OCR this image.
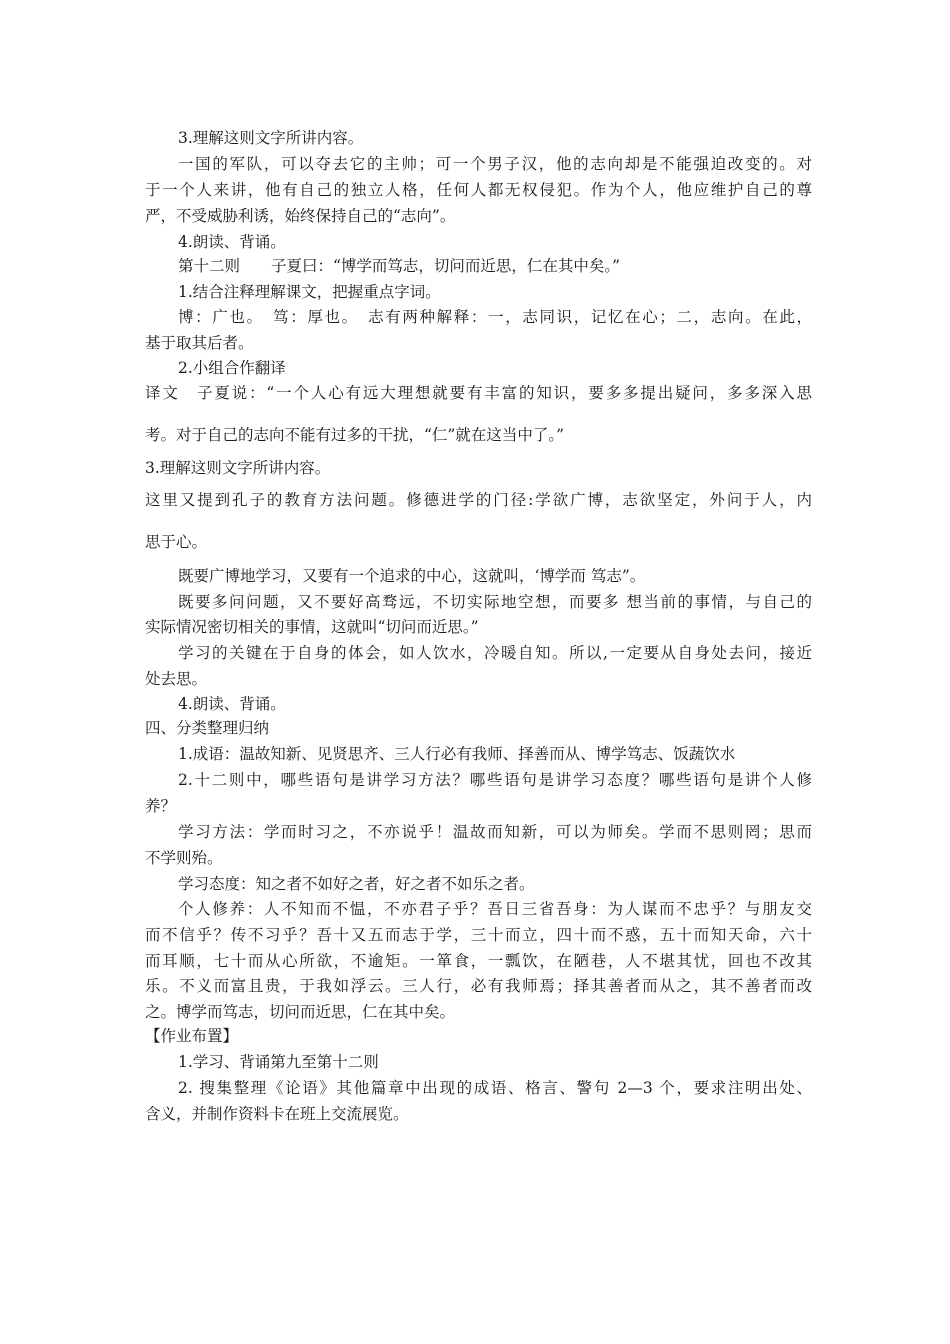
3.理解这则文字所讲内容。
一国的军队，可以夺去它的主帅；可一个男子汉，他的志向却是不能强迫改变的。对
于一个人来讲，他有自己的独立人格，任何人都无权侵犯。作为个人，他应维护自己的尊
严，不受威胁利诱，始终保持自己的“志向”。
4.朗读、背诵。
第十二则　　子夏曰：“博学而笃志，切问而近思，仁在其中矣。”
1.结合注释理解课文，把握重点字词。
博：广也。　笃：厚也。　志有两种解释：一，志同识，记忆在心；二，志向。在此，
基于取其后者。
2.小组合作翻译
译文　子夏说：“一个人心有远大理想就要有丰富的知识，要多多提出疑问，多多深入思
考。对于自己的志向不能有过多的干扰，“仁”就在这当中了。”
3.理解这则文字所讲内容。
这里又提到孔子的教育方法问题。修德进学的门径:学欲广博，志欲坚定，外问于人，内
思于心。
既要广博地学习，又要有一个追求的中心，这就叫，‘博学而 笃志”。
既要多问问题，又不要好高骛远，不切实际地空想，而要多 想当前的事情，与自己的
实际情况密切相关的事情，这就叫“切问而近思。”
学习的关键在于自身的体会，如人饮水，冷暖自知。所以,一定要从自身处去问，接近
处去思。
4.朗读、背诵。
四、分类整理归纳
1.成语：温故知新、见贤思齐、三人行必有我师、择善而从、博学笃志、饭蔬饮水
2.十二则中，哪些语句是讲学习方法？哪些语句是讲学习态度？哪些语句是讲个人修
养？
学习方法：学而时习之，不亦说乎！温故而知新，可以为师矣。学而不思则罔；思而
不学则殆。
学习态度：知之者不如好之者，好之者不如乐之者。
个人修养：人不知而不愠，不亦君子乎？吾日三省吾身：为人谋而不忠乎？与朋友交
而不信乎？传不习乎？吾十又五而志于学，三十而立，四十而不惑，五十而知天命，六十
而耳顺，七十而从心所欲，不逾矩。一箪食，一瓢饮，在陋巷，人不堪其忧，回也不改其
乐。不义而富且贵，于我如浮云。三人行，必有我师焉；择其善者而从之，其不善者而改
之。博学而笃志，切问而近思，仁在其中矣。
【作业布置】
1.学习、背诵第九至第十二则
2. 搜集整理《论语》其他篇章中出现的成语、格言、警句 2—3 个，要求注明出处、
含义，并制作资料卡在班上交流展览。
